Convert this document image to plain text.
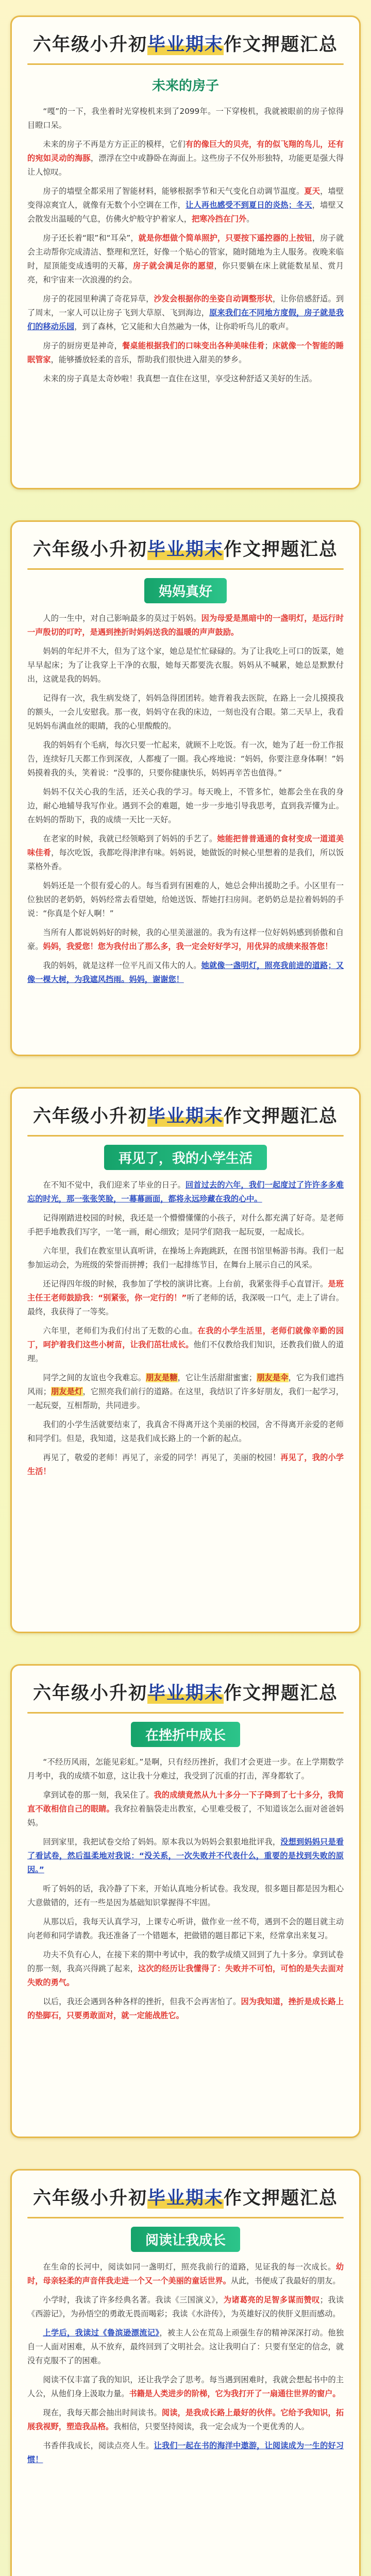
六年级小升初毕业期末作文押题汇总
未来的房子

“嘎”的一下，我坐着时光穿梭机来到了2099年。一下穿梭机，我就被眼前的房子惊得目瞪口呆。

未来的房子不再是方方正正的模样，它们有的像巨大的贝壳，有的似飞翔的鸟儿，还有的宛如灵动的海豚，漂浮在空中或静卧在海面上。这些房子不仅外形独特，功能更是强大得让人惊叹。

房子的墙壁全都采用了智能材料，能够根据季节和天气变化自动调节温度。夏天，墙壁变得凉爽宜人，就像有无数个小空调在工作，让人再也感受不到夏日的炎热；冬天，墙壁又会散发出温暖的气息，仿佛火炉般守护着家人，把寒冷挡在门外。

房子还长着“眼”和“耳朵”，就是你想做个简单照护，只要按下遥控器的上按钮，房子就会主动帮你完成清洁、整理和烹饪，好像一个贴心的管家，随时随地为主人服务。夜晚来临时，屋顶能变成透明的天幕，房子就会满足你的愿望，你只要躺在床上就能数星星、赏月亮，和宇宙来一次浪漫的约会。

房子的花园里种满了奇花异草，沙发会根据你的坐姿自动调整形状，让你倍感舒适。到了周末，一家人可以让房子飞到大草原、飞到海边，原来我们在不同地方度假，房子就是我们的移动乐园，到了森林，它又能和大自然融为一体，让你聆听鸟儿的歌声。

房子的厨房更是神奇，餐桌能根据我们的口味变出各种美味佳肴；床就像一个智能的睡眠管家，能够播放轻柔的音乐，帮助我们很快进入甜美的梦乡。

未来的房子真是太奇妙啦！我真想一直住在这里，享受这种舒适又美好的生活。

六年级小升初毕业期末作文押题汇总
妈妈真好

人的一生中，对自己影响最多的莫过于妈妈。因为母爱是黑暗中的一盏明灯，是远行时一声殷切的叮咛，是遇到挫折时妈妈送我的温暖的声声鼓励。

妈妈的年纪并不大，但为了这个家，她总是忙忙碌碌的。为了让我吃上可口的饭菜，她早早起床；为了让我穿上干净的衣服，她每天都要洗衣服。妈妈从不喊累，她总是默默付出，这就是我的妈妈。

记得有一次，我生病发烧了，妈妈急得团团转。她背着我去医院，在路上一会儿摸摸我的额头，一会儿安慰我。那一夜，妈妈守在我的床边，一刻也没有合眼。第二天早上，我看见妈妈布满血丝的眼睛，我的心里酸酸的。

我的妈妈有个毛病，每次只要一忙起来，就顾不上吃饭。有一次，她为了赶一份工作报告，连续好几天都工作到深夜，人都瘦了一圈。我心疼地说：“妈妈，你要注意身体啊！”妈妈摸着我的头，笑着说：“没事的，只要你健康快乐，妈妈再辛苦也值得。”

妈妈不仅关心我的生活，还关心我的学习。每天晚上，不管多忙，她都会坐在我的身边，耐心地辅导我写作业。遇到不会的难题，她一步一步地引导我思考，直到我弄懂为止。在妈妈的帮助下，我的成绩一天比一天好。

在老家的时候，我就已经领略到了妈妈的手艺了。她能把普普通通的食材变成一道道美味佳肴，每次吃饭，我都吃得津津有味。妈妈说，她做饭的时候心里想着的是我们，所以饭菜格外香。

妈妈还是一个很有爱心的人。每当看到有困难的人，她总会伸出援助之手。小区里有一位独居的老奶奶，妈妈经常去看望她，给她送饭、帮她打扫房间。老奶奶总是拉着妈妈的手说：“你真是个好人啊！”

当所有人都说妈妈好的时候，我的心里美滋滋的。我为有这样一位好妈妈感到骄傲和自豪。妈妈，我爱您！您为我付出了那么多，我一定会好好学习，用优异的成绩来报答您！

我的妈妈，就是这样一位平凡而又伟大的人。她就像一盏明灯，照亮我前进的道路；又像一棵大树，为我遮风挡雨。妈妈，谢谢您！

六年级小升初毕业期末作文押题汇总
再见了，我的小学生活

在不知不觉中，我们迎来了毕业的日子。回首过去的六年，我们一起度过了许许多多难忘的时光，那一张张笑脸，一幕幕画面，都将永远珍藏在我的心中。

记得刚踏进校园的时候，我还是一个懵懵懂懂的小孩子，对什么都充满了好奇。是老师手把手地教我们写字，一笔一画，耐心细致；是同学们陪我一起玩耍，一起成长。

六年里，我们在教室里认真听讲，在操场上奔跑跳跃，在图书馆里畅游书海。我们一起参加运动会，为班级的荣誉而拼搏；我们一起排练节目，在舞台上展示自己的风采。

还记得四年级的时候，我参加了学校的演讲比赛。上台前，我紧张得手心直冒汗。是班主任王老师鼓励我：“别紧张，你一定行的！”听了老师的话，我深吸一口气，走上了讲台。最终，我获得了一等奖。

六年里，老师们为我们付出了无数的心血。在我的小学生活里，老师们就像辛勤的园丁，呵护着我们这些小树苗，让我们茁壮成长。他们不仅教给我们知识，还教我们做人的道理。

同学之间的友谊也令我难忘。朋友是糖，它让生活甜甜蜜蜜；朋友是伞，它为我们遮挡风雨；朋友是灯，它照亮我们前行的道路。在这里，我结识了许多好朋友，我们一起学习，一起玩耍，互相帮助，共同进步。

我们的小学生活就要结束了，我真舍不得离开这个美丽的校园，舍不得离开亲爱的老师和同学们。但是，我知道，这是我们成长路上的一个新的起点。

再见了，敬爱的老师！再见了，亲爱的同学！再见了，美丽的校园！再见了，我的小学生活！

六年级小升初毕业期末作文押题汇总
在挫折中成长

“不经历风雨，怎能见彩虹。”是啊，只有经历挫折，我们才会更进一步。在上学期数学月考中，我的成绩不如意，这让我十分难过，我受到了沉重的打击，浑身都软了。

拿到试卷的那一刻，我呆住了。我的成绩竟然从九十多分一下子降到了七十多分，我简直不敢相信自己的眼睛。我耷拉着脑袋走出教室，心里难受极了，不知道该怎么面对爸爸妈妈。

回到家里，我把试卷交给了妈妈。原本我以为妈妈会狠狠地批评我，没想到妈妈只是看了看试卷，然后温柔地对我说：“没关系，一次失败并不代表什么，重要的是找到失败的原因。”

听了妈妈的话，我冷静了下来，开始认真地分析试卷。我发现，很多题目都是因为粗心大意做错的，还有一些是因为基础知识掌握得不牢固。

从那以后，我每天认真学习，上课专心听讲，做作业一丝不苟，遇到不会的题目就主动向老师和同学请教。我还准备了一个错题本，把做错的题目都记下来，经常拿出来复习。

功夫不负有心人，在接下来的期中考试中，我的数学成绩又回到了九十多分。拿到试卷的那一刻，我高兴得跳了起来，这次的经历让我懂得了：失败并不可怕，可怕的是失去面对失败的勇气。

以后，我还会遇到各种各样的挫折，但我不会再害怕了。因为我知道，挫折是成长路上的垫脚石，只要勇敢面对，就一定能战胜它。

六年级小升初毕业期末作文押题汇总
阅读让我成长

在生命的长河中，阅读如同一盏明灯，照亮我前行的道路，见证我的每一次成长。幼时，母亲轻柔的声音伴我走进一个又一个美丽的童话世界。从此，书便成了我最好的朋友。

小学时，我读了许多经典名著。我读《三国演义》，为诸葛亮的足智多谋而赞叹；我读《西游记》，为孙悟空的勇敢无畏而喝彩；我读《水浒传》，为英雄好汉的侠肝义胆而感动。

上学后，我读过《鲁滨逊漂流记》，被主人公在荒岛上顽强生存的精神深深打动。他独自一人面对困难，从不放弃，最终回到了文明社会。这让我明白了：只要有坚定的信念，就没有克服不了的困难。

阅读不仅丰富了我的知识，还让我学会了思考。每当遇到困难时，我就会想起书中的主人公，从他们身上汲取力量。书籍是人类进步的阶梯，它为我打开了一扇通往世界的窗户。

现在，我每天都会抽出时间读书。阅读，是我成长路上最好的伙伴。它给予我知识，拓展我视野，塑造我品格。我相信，只要坚持阅读，我一定会成为一个更优秀的人。

书香伴我成长，阅读点亮人生。让我们一起在书的海洋中遨游，让阅读成为一生的好习惯！
